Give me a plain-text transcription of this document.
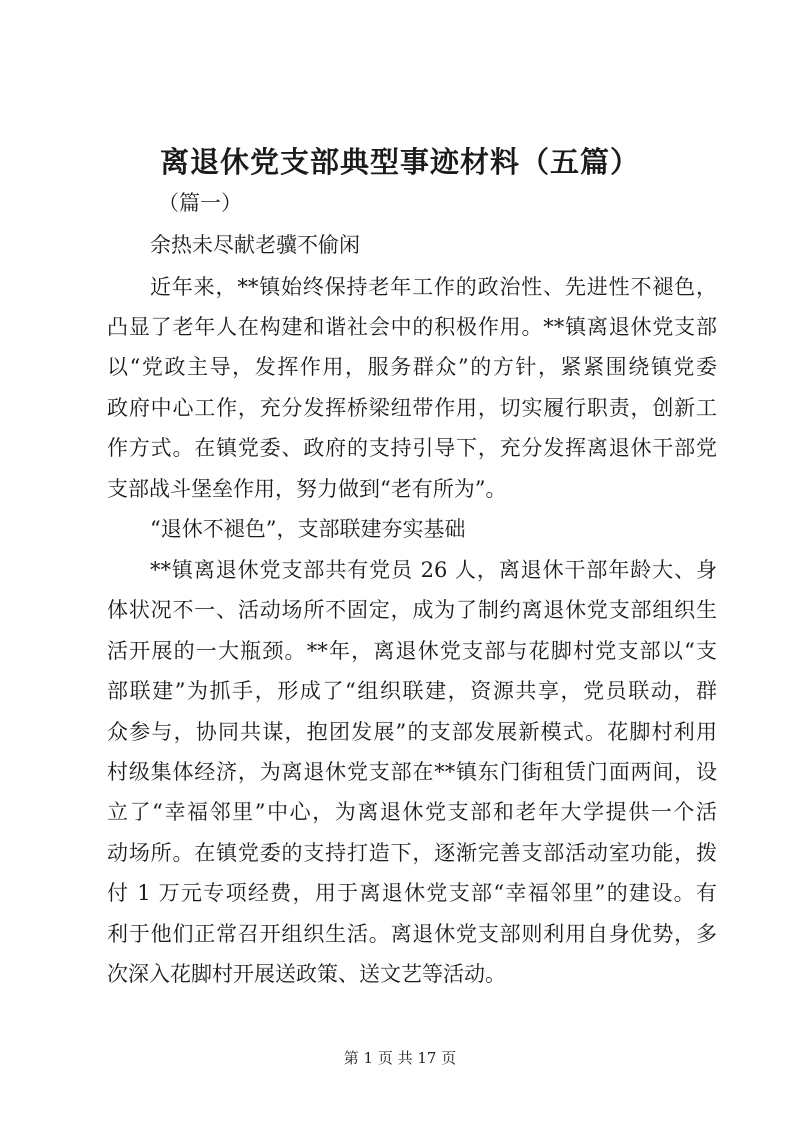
离退休党支部典型事迹材料（五篇）
（篇一）
余热未尽献老骥不偷闲
近年来，**镇始终保持老年工作的政治性、先进性不褪色，
凸显了老年人在构建和谐社会中的积极作用。**镇离退休党支部
以“党政主导，发挥作用，服务群众”的方针，紧紧围绕镇党委
政府中心工作，充分发挥桥梁纽带作用，切实履行职责，创新工
作方式。在镇党委、政府的支持引导下，充分发挥离退休干部党
支部战斗堡垒作用，努力做到“老有所为”。
“退休不褪色”，支部联建夯实基础
**镇离退休党支部共有党员 26 人，离退休干部年龄大、身
体状况不一、活动场所不固定，成为了制约离退休党支部组织生
活开展的一大瓶颈。**年，离退休党支部与花脚村党支部以“支
部联建”为抓手，形成了“组织联建，资源共享，党员联动，群
众参与，协同共谋，抱团发展”的支部发展新模式。花脚村利用
村级集体经济，为离退休党支部在**镇东门街租赁门面两间，设
立了“幸福邻里”中心，为离退休党支部和老年大学提供一个活
动场所。在镇党委的支持打造下，逐渐完善支部活动室功能，拨
付 1 万元专项经费，用于离退休党支部“幸福邻里”的建设。有
利于他们正常召开组织生活。离退休党支部则利用自身优势，多
次深入花脚村开展送政策、送文艺等活动。
第 1 页 共 17 页
